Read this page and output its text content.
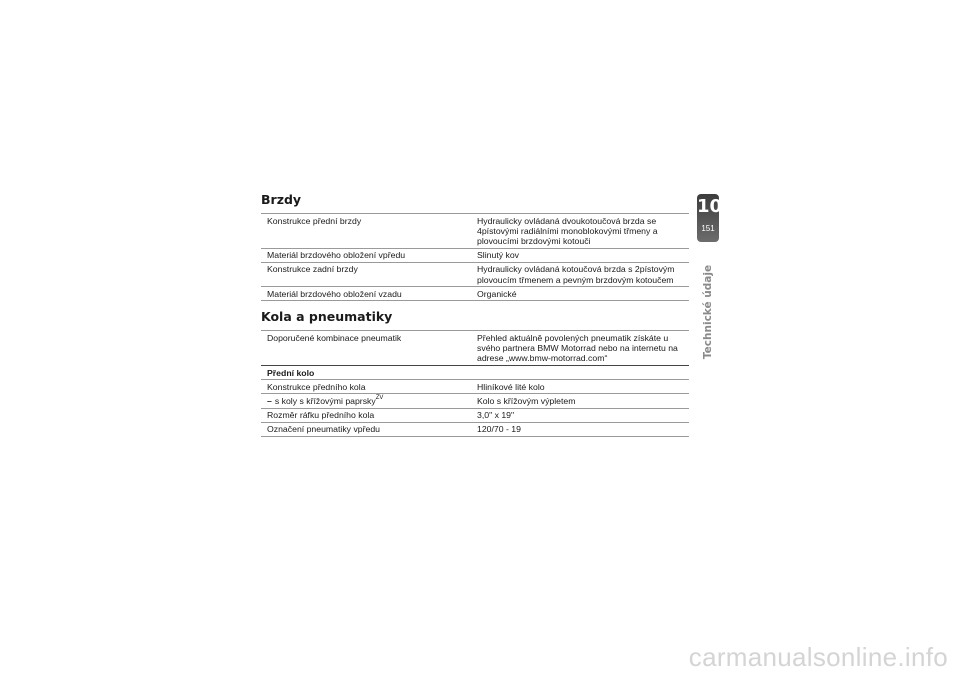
Brzdy
Konstrukce přední brzdy	Hydraulicky ovládaná dvoukotoučová brzda se 4pístovými radiálními monoblokovými třmeny a plovoucími brzdovými kotouči
Materiál brzdového obložení vpředu	Slinutý kov
Konstrukce zadní brzdy	Hydraulicky ovládaná kotoučová brzda s 2pístovým plovoucím třmenem a pevným brzdovým kotoučem
Materiál brzdového obložení vzadu	Organické
Kola a pneumatiky
Doporučené kombinace pneumatik	Přehled aktuálně povolených pneumatik získáte u svého partnera BMW Motorrad nebo na internetu na adrese „www.bmw-motorrad.com“
Přední kolo	
Konstrukce předního kola	Hliníkové lité kolo
– s koly s křížovými paprsky$^{ZV}$	Kolo s křížovým výpletem
Rozměr ráfku předního kola	3,0" x 19"
Označení pneumatiky vpředu	120/70 - 19
10
151
Technické údaje
carmanualsonline.info
